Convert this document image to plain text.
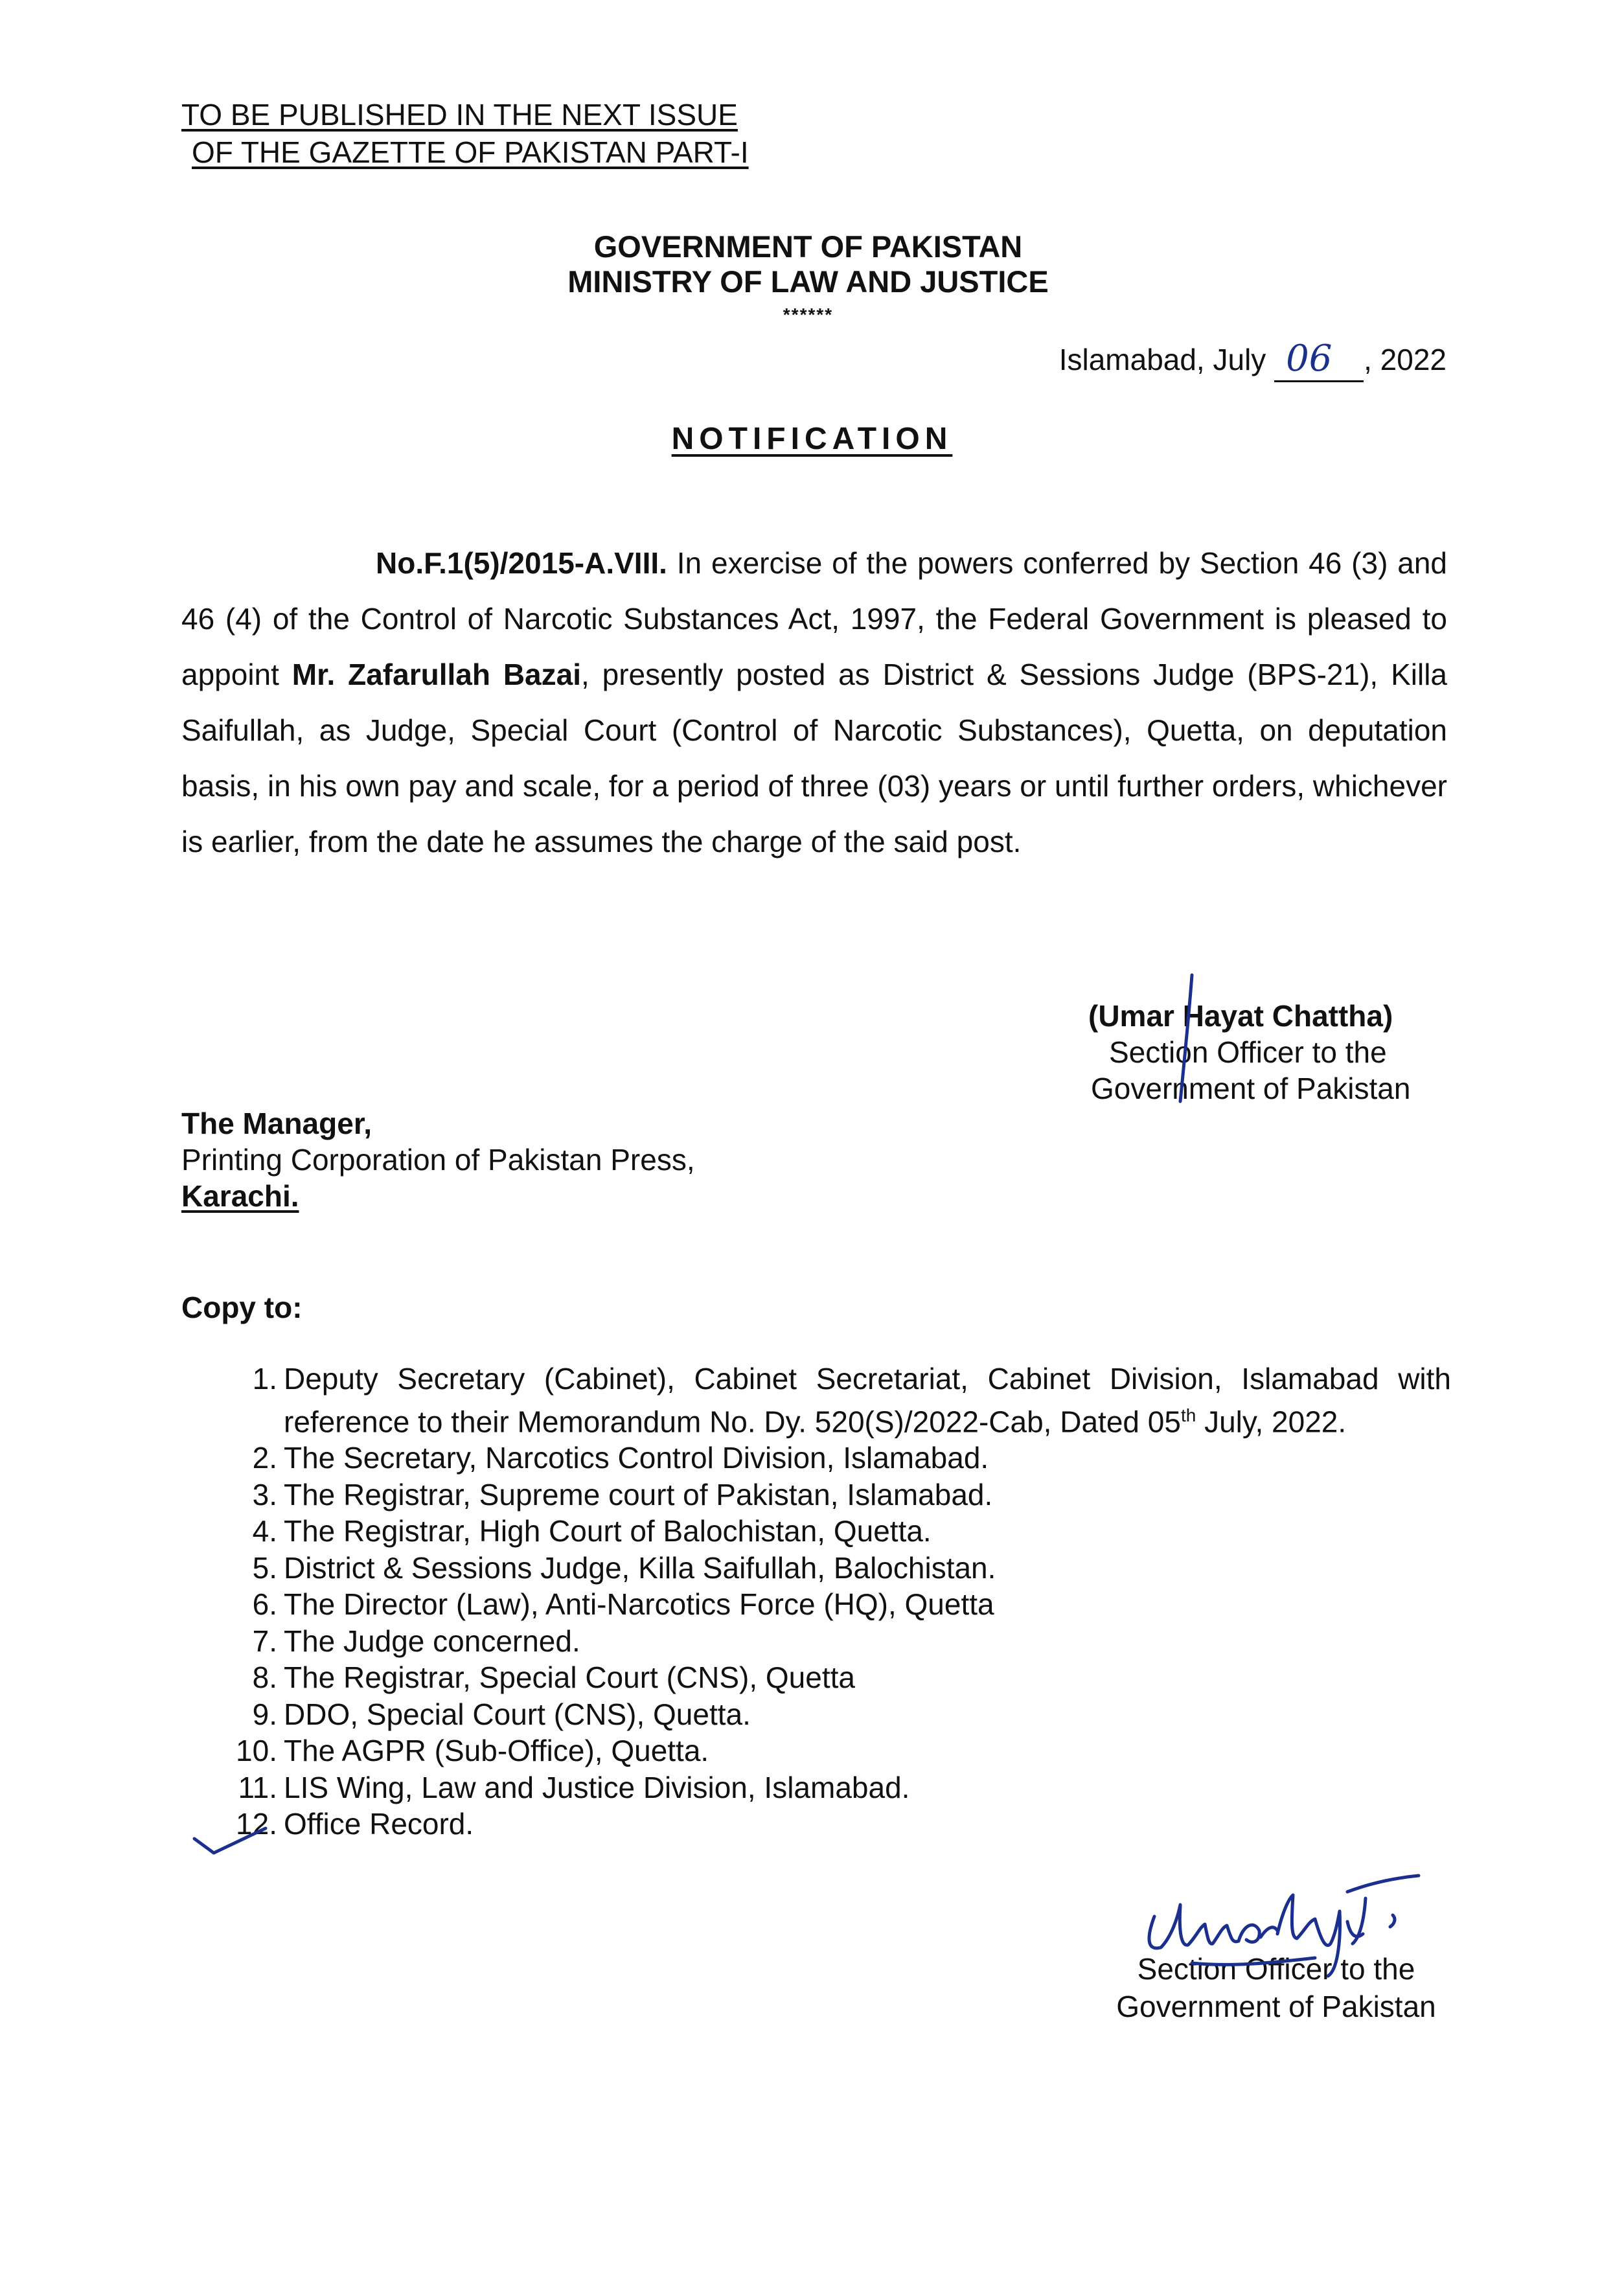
TO BE PUBLISHED IN THE NEXT ISSUE
OF THE GAZETTE OF PAKISTAN PART-I
GOVERNMENT OF PAKISTAN
MINISTRY OF LAW AND JUSTICE
******
Islamabad, July 06 , 2022
NOTIFICATION
No.F.1(5)/2015-A.VIII. In exercise of the powers conferred by Section 46 (3) and 46 (4) of the Control of Narcotic Substances Act, 1997, the Federal Government is pleased to appoint Mr. Zafarullah Bazai, presently posted as District & Sessions Judge (BPS-21), Killa Saifullah, as Judge, Special Court (Control of Narcotic Substances), Quetta, on deputation basis, in his own pay and scale, for a period of three (03) years or until further orders, whichever is earlier, from the date he assumes the charge of the said post.
(Umar Hayat Chattha)
Section Officer to the
Government of Pakistan
The Manager,
Printing Corporation of Pakistan Press,
Karachi.
Copy to:
1. Deputy Secretary (Cabinet), Cabinet Secretariat, Cabinet Division, Islamabad with reference to their Memorandum No. Dy. 520(S)/2022-Cab, Dated 05th July, 2022.
2. The Secretary, Narcotics Control Division, Islamabad.
3. The Registrar, Supreme court of Pakistan, Islamabad.
4. The Registrar, High Court of Balochistan, Quetta.
5. District & Sessions Judge, Killa Saifullah, Balochistan.
6. The Director (Law), Anti-Narcotics Force (HQ), Quetta
7. The Judge concerned.
8. The Registrar, Special Court (CNS), Quetta
9. DDO, Special Court (CNS), Quetta.
10. The AGPR (Sub-Office), Quetta.
11. LIS Wing, Law and Justice Division, Islamabad.
12. Office Record.
Section Officer to the
Government of Pakistan
